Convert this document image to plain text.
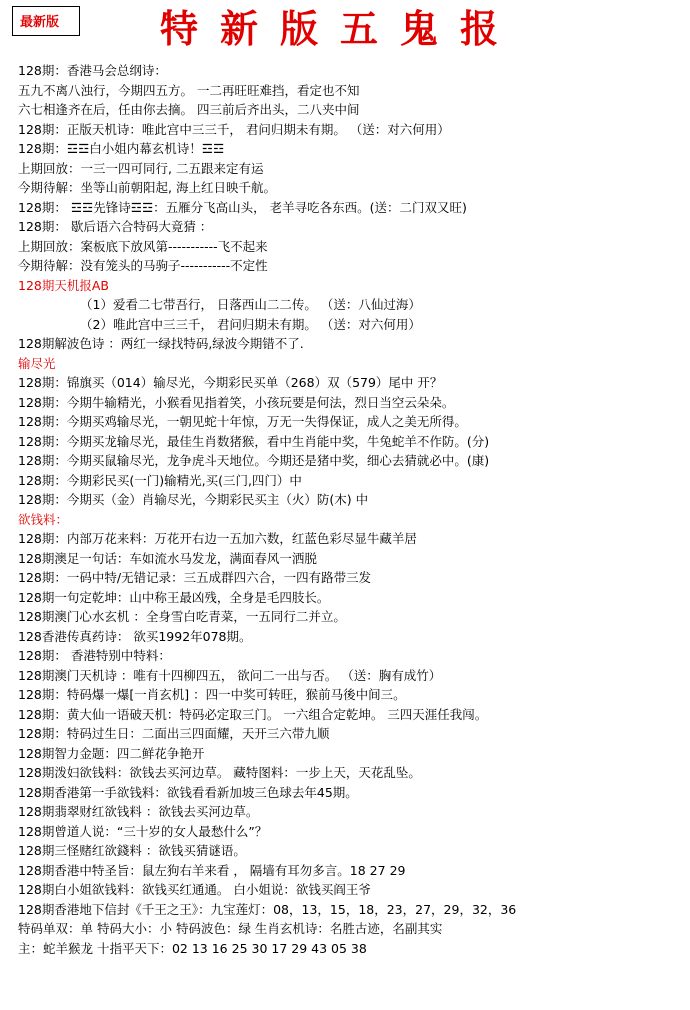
最新版	特新版五鬼报
128期：香港马会总纲诗：
五九不离八浊行，今期四五方。 一二再旺旺难挡，看定也不知
六七相逢齐在后，任由你去摘。 四三前后齐出头，二八夹中间
128期：正版天机诗：唯此宫中三三千， 君问归期未有期。 （送：对六何用）
128期：☲☲白小姐内幕玄机诗！☲☲
上期回放：一三一四可同行, 二五跟来定有运
今期待解：坐等山前朝阳起, 海上红日映千航。
128期： ☲☲先锋诗☲☲：五雁分飞高山头， 老羊寻吃各东西。(送：二门双又旺)
128期： 歇后语六合特码大竟猜 ：
上期回放：案板底下放风第-----------飞不起来
今期待解：没有笼头的马驹子-----------不定性
128期天机报AB
（1）爱看二七带吾行， 日落西山二二传。 （送：八仙过海）
（2）唯此宫中三三千， 君问归期未有期。 （送：对六何用）
128期解波色诗 ：两红一绿找特码,绿波今期错不了.
输尽光
128期：锦旗买（014）输尽光，今期彩民买单（268）双（579）尾中 开？
128期：今期牛输精光，小猴看见指着笑，小孩玩要是何法，烈日当空云朵朵。
128期：今期买鸡输尽光，一朝见蛇十年惊，万无一失得保证，成人之美无所得。
128期：今期买龙输尽光，最佳生肖数猪猴，看中生肖能中奖，牛兔蛇羊不作防。(分)
128期：今期买鼠输尽光，龙争虎斗天地位。今期还是猪中奖，细心去猜就必中。(康)
128期：今期彩民买(一门)输精光,买(三门,四门）中
128期：今期买（金）肖输尽光，今期彩民买主（火）防(木) 中
欲钱料：
128期：内部万花来料：万花开右边一五加六数，红蓝色彩尽显牛藏羊居
128期澳足一句话：车如流水马发龙，满面春风一洒脱
128期：一码中特/无错记录：三五成群四六合，一四有路带三发
128期一句定乾坤：山中称王最凶残，全身是毛四肢长。
128期澳门心水玄机 ：全身雪白吃青菜，一五同行二并立。
128香港传真药诗： 欲买1992年078期。
128期： 香港特别中特料：
128期澳门天机诗 ：唯有十四柳四五， 欲问二一出与否。 （送：胸有成竹）
128期：特码爆一爆[一肖玄机] ：四一中奖可转旺，猴前马後中间三。
128期：黄大仙一语破天机：特码必定取三门。 一六组合定乾坤。 三四天涯任我闯。
128期：特码过生日：二面出三四面耀，天开三六带九顺
128期智力金题：四二鲜花争艳开
128期泼妇欲钱料：欲钱去买河边草。 藏特图料：一步上天，天花乱坠。
128期香港第一手欲钱料：欲钱看看新加坡三色球去年45期。
128期翡翠财红欲钱料 ：欲钱去买河边草。
128期曾道人说：“三十岁的女人最愁什么”？
128期三怪赌红欲錢料 ：欲钱买猜谜语。
128期香港中特圣旨：鼠左狗右羊来看 ， 隔墙有耳勿多言。18 27 29
128期白小姐欲钱料：欲钱买红通通。 白小姐说：欲钱买阎王爷
128期香港地下信封《千王之王》：九宝莲灯：08，13，15，18，23，27，29，32，36
特码单双：单 特码大小：小 特码波色：绿 生肖玄机诗：名胜古迹，名副其实
主：蛇羊猴龙 十指平天下：02 13 16 25 30 17 29 43 05 38
